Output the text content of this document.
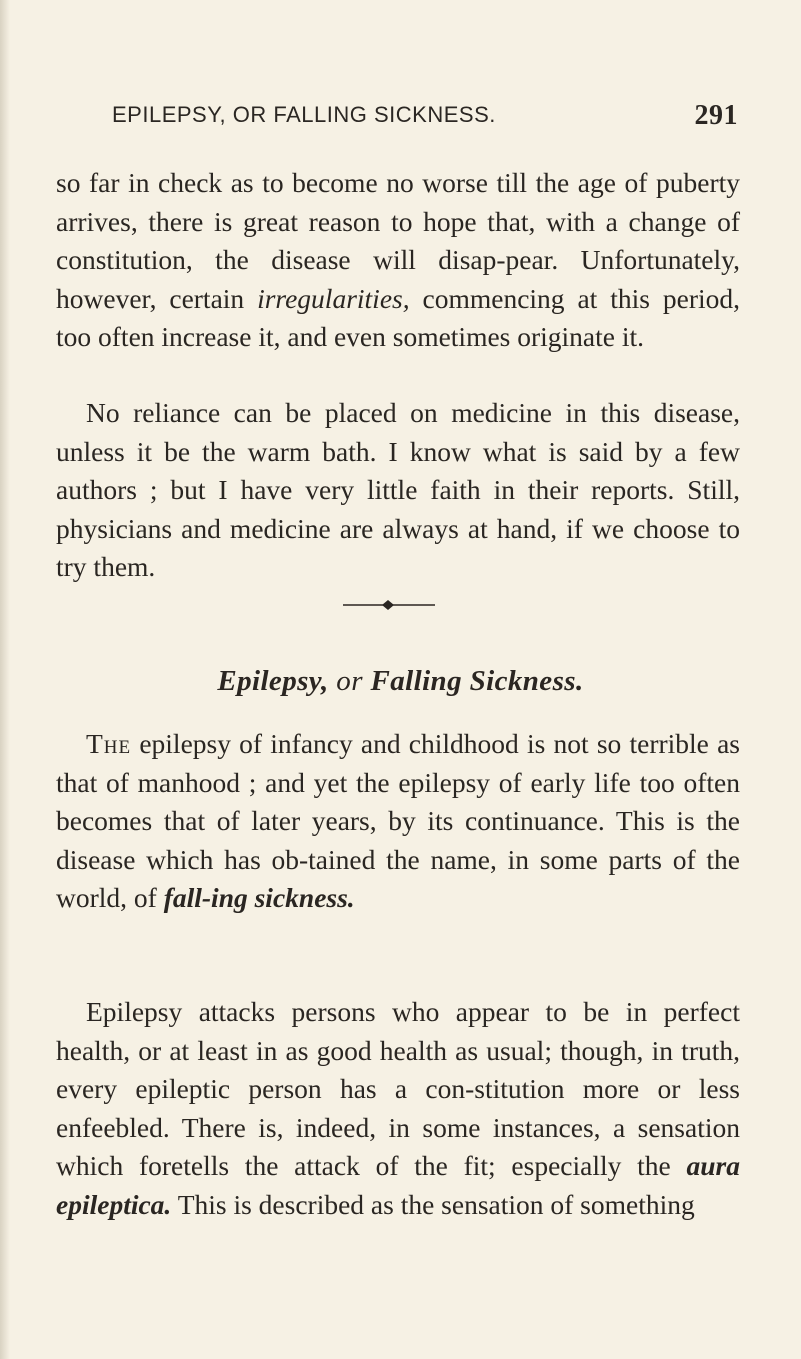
EPILEPSY, OR FALLING SICKNESS.	291

so far in check as to become no worse till the age of puberty arrives, there is great reason to hope that, with a change of constitution, the disease will disap-pear. Unfortunately, however, certain irregularities, commencing at this period, too often increase it, and even sometimes originate it.

No reliance can be placed on medicine in this disease, unless it be the warm bath. I know what is said by a few authors ; but I have very little faith in their reports. Still, physicians and medicine are always at hand, if we choose to try them.

Epilepsy, or Falling Sickness.

The epilepsy of infancy and childhood is not so terrible as that of manhood ; and yet the epilepsy of early life too often becomes that of later years, by its continuance. This is the disease which has ob-tained the name, in some parts of the world, of fall-ing sickness.

Epilepsy attacks persons who appear to be in perfect health, or at least in as good health as usual; though, in truth, every epileptic person has a con-stitution more or less enfeebled. There is, indeed, in some instances, a sensation which foretells the attack of the fit; especially the aura epileptica. This is described as the sensation of something
